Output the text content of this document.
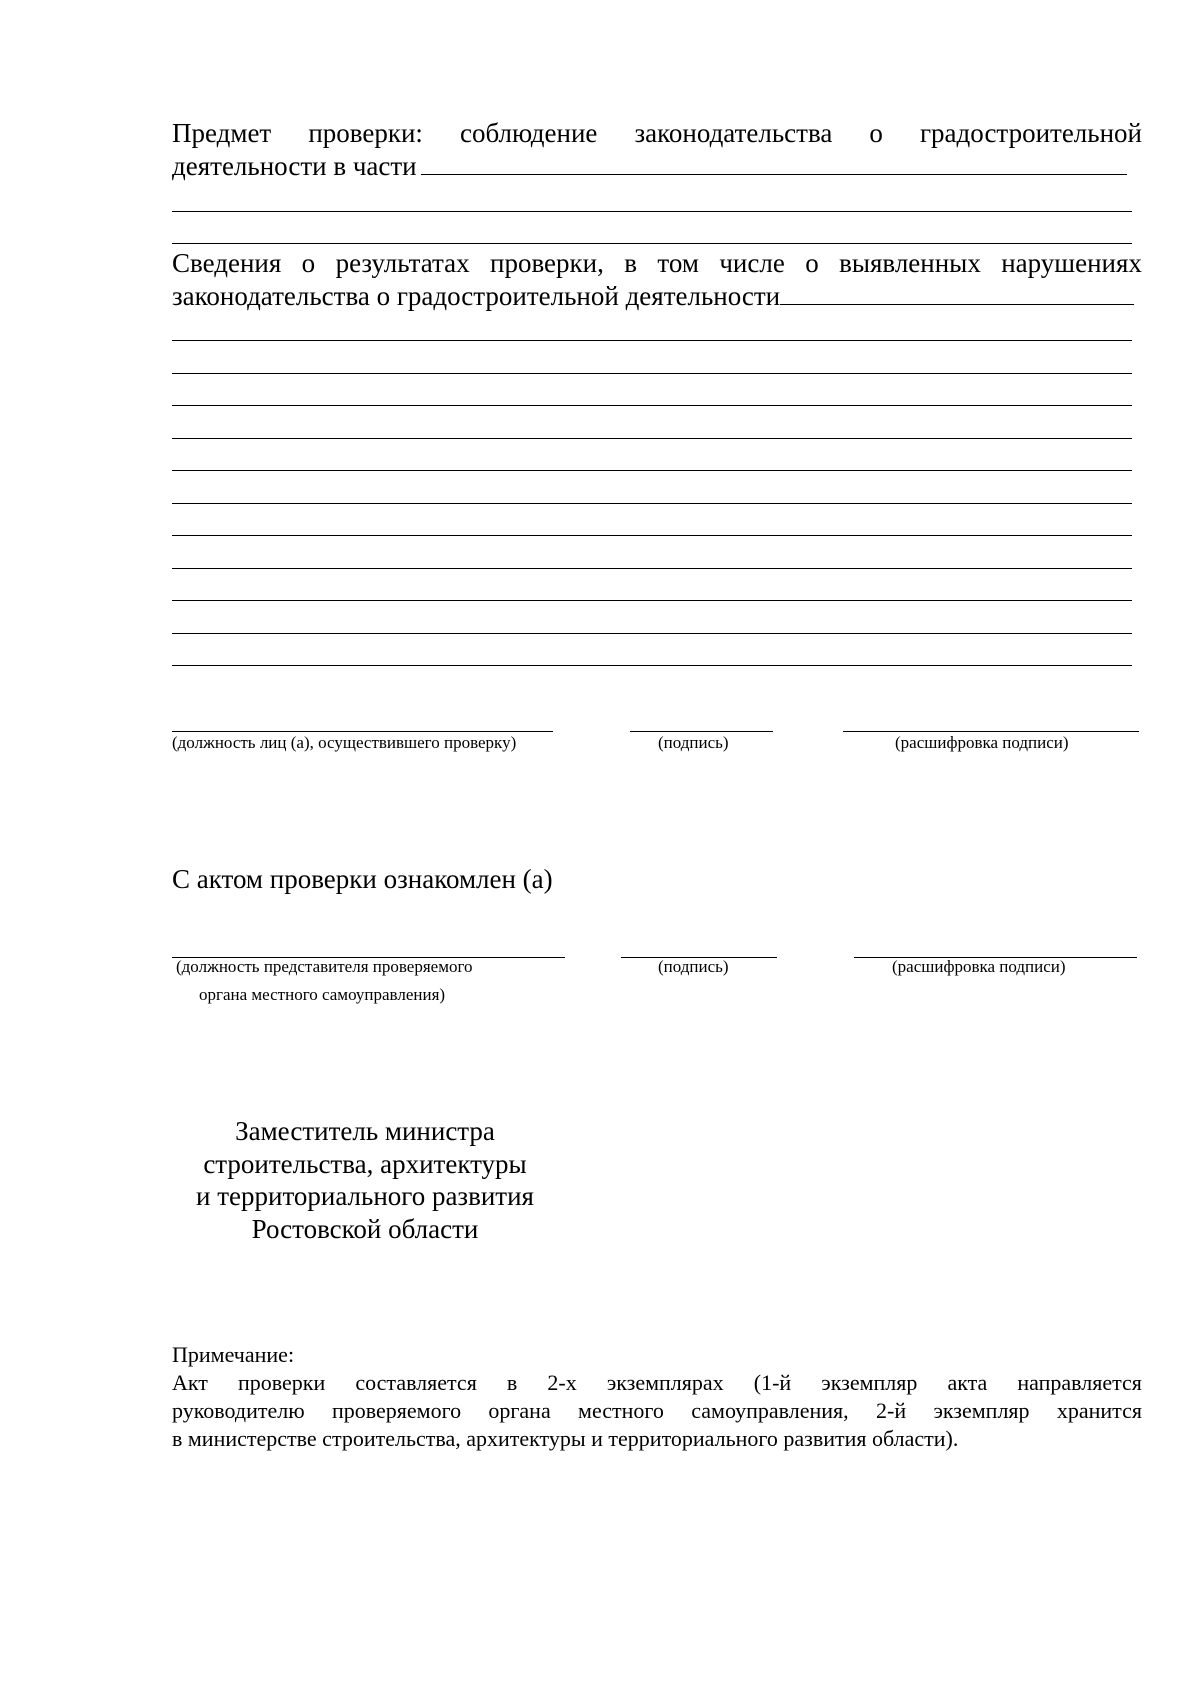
Предмет проверки: соблюдение законодательства о градостроительной
деятельности в части
Сведения о результатах проверки, в том числе о выявленных нарушениях
законодательства о градостроительной деятельности
(должность лиц (а), осуществившего проверку)	(подпись)	(расшифровка подписи)
С актом проверки ознакомлен (а)
(должность представителя проверяемого
органа местного самоуправления)
(подпись)	(расшифровка подписи)
Заместитель министра
строительства, архитектуры
и территориального развития
Ростовской области
Примечание:
Акт проверки составляется в 2-х экземплярах (1-й экземпляр акта направляется
руководителю проверяемого органа местного самоуправления, 2-й экземпляр хранится
в министерстве строительства, архитектуры и территориального развития области).
